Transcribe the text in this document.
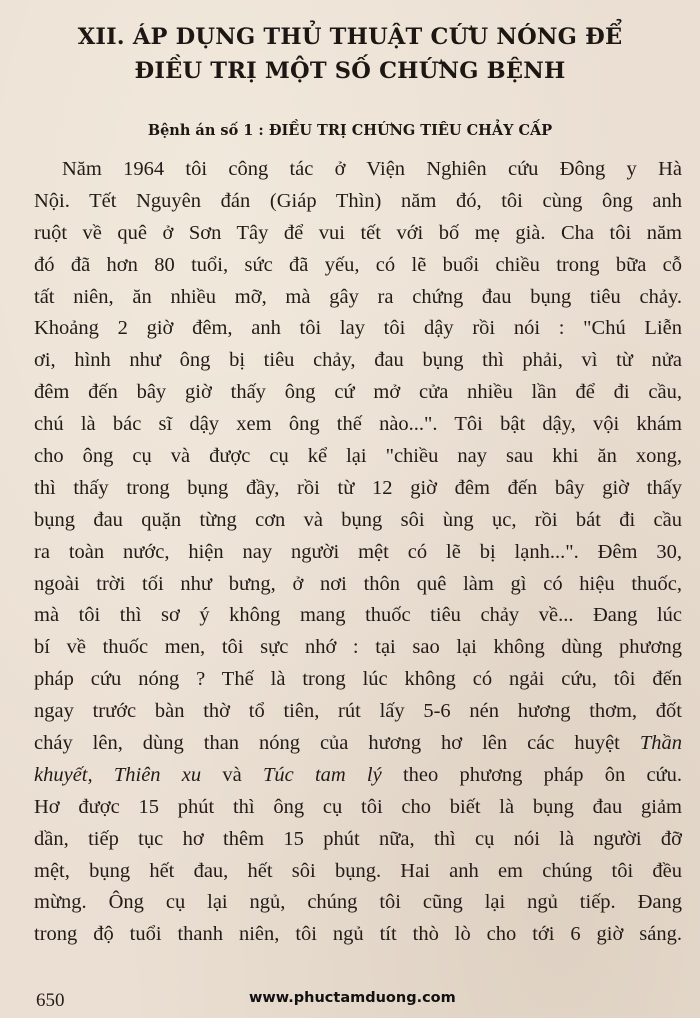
XII. ÁP DỤNG THỦ THUẬT CỨU NÓNG ĐỂ
ĐIỀU TRỊ MỘT SỐ CHỨNG BỆNH
Bệnh án số 1 : ĐIỀU TRỊ CHỨNG TIÊU CHẢY CẤP
Năm 1964 tôi công tác ở Viện Nghiên cứu Đông y Hà
Nội. Tết Nguyên đán (Giáp Thìn) năm đó, tôi cùng ông anh
ruột về quê ở Sơn Tây để vui tết với bố mẹ già. Cha tôi năm
đó đã hơn 80 tuổi, sức đã yếu, có lẽ buổi chiều trong bữa cỗ
tất niên, ăn nhiều mỡ, mà gây ra chứng đau bụng tiêu chảy.
Khoảng 2 giờ đêm, anh tôi lay tôi dậy rồi nói : "Chú Liễn
ơi, hình như ông bị tiêu chảy, đau bụng thì phải, vì từ nửa
đêm đến bây giờ thấy ông cứ mở cửa nhiều lần để đi cầu,
chú là bác sĩ dậy xem ông thế nào...". Tôi bật dậy, vội khám
cho ông cụ và được cụ kể lại "chiều nay sau khi ăn xong,
thì thấy trong bụng đầy, rồi từ 12 giờ đêm đến bây giờ thấy
bụng đau quặn từng cơn và bụng sôi ùng ục, rồi bát đi cầu
ra toàn nước, hiện nay người mệt có lẽ bị lạnh...". Đêm 30,
ngoài trời tối như bưng, ở nơi thôn quê làm gì có hiệu thuốc,
mà tôi thì sơ ý không mang thuốc tiêu chảy về... Đang lúc
bí về thuốc men, tôi sực nhớ : tại sao lại không dùng phương
pháp cứu nóng ? Thế là trong lúc không có ngải cứu, tôi đến
ngay trước bàn thờ tổ tiên, rút lấy 5-6 nén hương thơm, đốt
cháy lên, dùng than nóng của hương hơ lên các huyệt Thần
khuyết, Thiên xu và Túc tam lý theo phương pháp ôn cứu.
Hơ được 15 phút thì ông cụ tôi cho biết là bụng đau giảm
dần, tiếp tục hơ thêm 15 phút nữa, thì cụ nói là người đỡ
mệt, bụng hết đau, hết sôi bụng. Hai anh em chúng tôi đều
mừng. Ông cụ lại ngủ, chúng tôi cũng lại ngủ tiếp. Đang
trong độ tuổi thanh niên, tôi ngủ tít thò lò cho tới 6 giờ sáng.
650	www.phuctamduong.com
